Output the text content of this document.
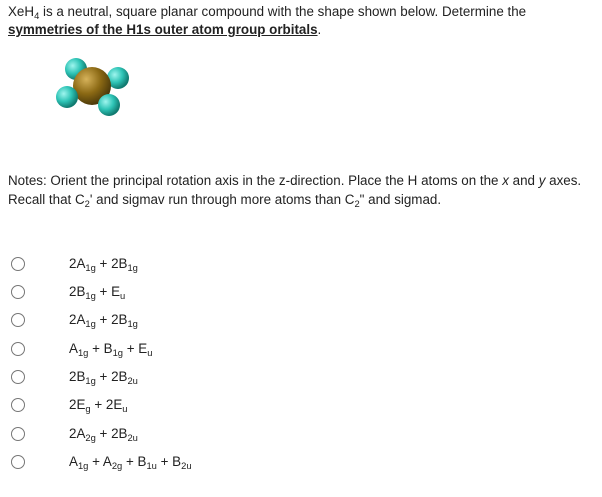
XeH$_4$ is a neutral, square planar compound with the shape shown below. Determine the symmetries of the H1s outer atom group orbitals.
Notes: Orient the principal rotation axis in the z-direction. Place the H atoms on the x and y axes. Recall that $C_2'$ and sigmav run through more atoms than $C_2$" and sigmad.
$2A_{1g} + 2B_{1g}$
$2B_{1g} + E_u$
$2A_{1g} + 2B_{1g}$
$A_{1g} + B_{1g} + E_u$
$2B_{1g} + 2B_{2u}$
$2E_g + 2E_u$
$2A_{2g} + 2B_{2u}$
$A_{1g} + A_{2g} + B_{1u} + B_{2u}$
